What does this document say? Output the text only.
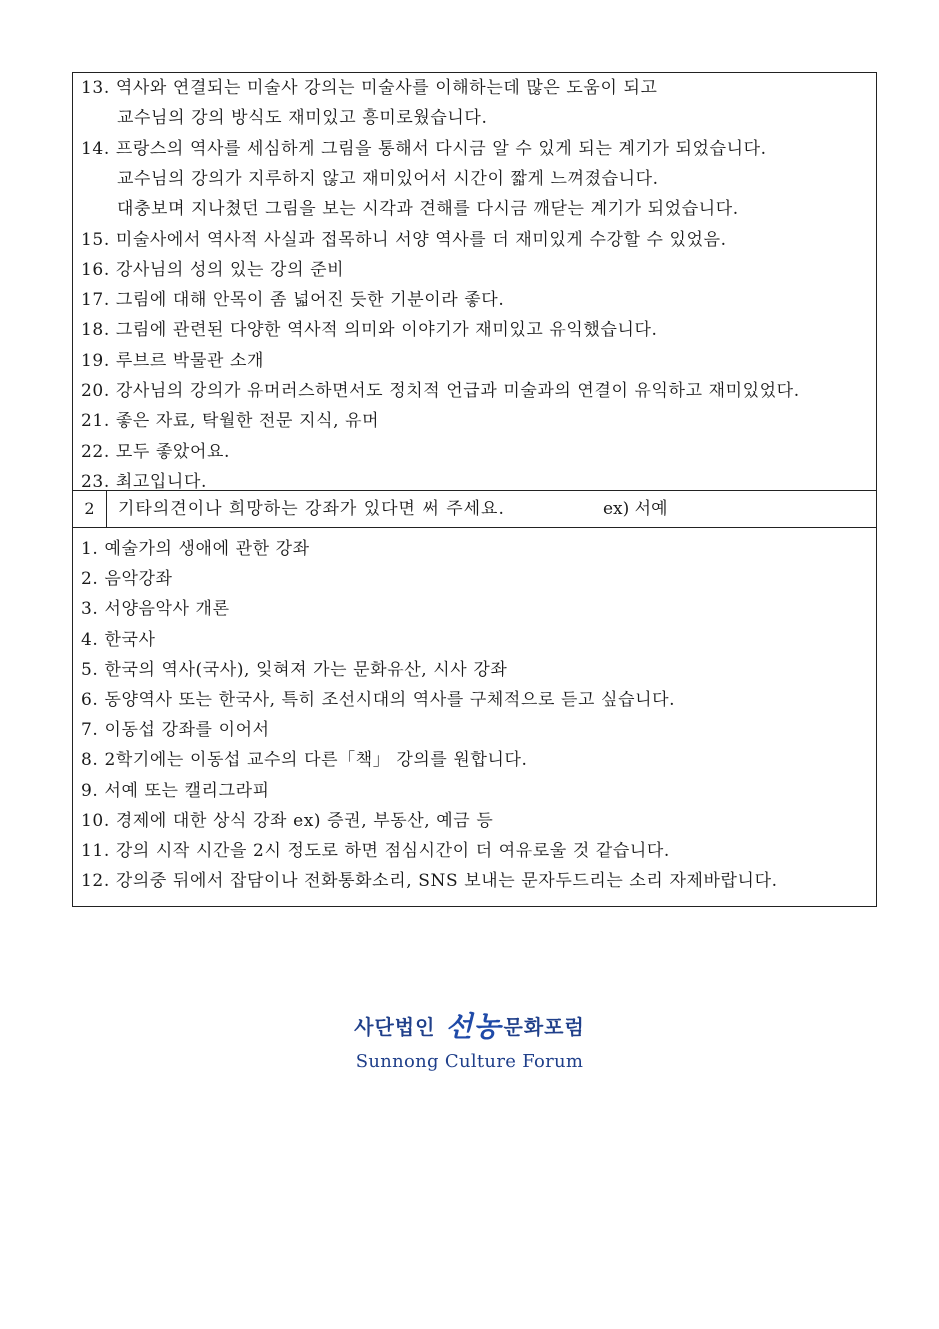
13. 역사와 연결되는 미술사 강의는 미술사를 이해하는데 많은 도움이 되고
교수님의 강의 방식도 재미있고 흥미로웠습니다.
14. 프랑스의 역사를 세심하게 그림을 통해서 다시금 알 수 있게 되는 계기가 되었습니다.
교수님의 강의가 지루하지 않고 재미있어서 시간이 짧게 느껴졌습니다.
대충보며 지나쳤던 그림을 보는 시각과 견해를 다시금 깨닫는 계기가 되었습니다.
15. 미술사에서 역사적 사실과 접목하니 서양 역사를 더 재미있게 수강할 수 있었음.
16. 강사님의 성의 있는 강의 준비
17. 그림에 대해 안목이 좀 넓어진 듯한 기분이라 좋다.
18. 그림에 관련된 다양한 역사적 의미와 이야기가 재미있고 유익했습니다.
19. 루브르 박물관 소개
20. 강사님의 강의가 유머러스하면서도 정치적 언급과 미술과의 연결이 유익하고 재미있었다.
21. 좋은 자료, 탁월한 전문 지식, 유머
22. 모두 좋았어요.
23. 최고입니다.
2	기타의견이나 희망하는 강좌가 있다면 써 주세요.	ex) 서예
1. 예술가의 생애에 관한 강좌
2. 음악강좌
3. 서양음악사 개론
4. 한국사
5. 한국의 역사(국사), 잊혀져 가는 문화유산, 시사 강좌
6. 동양역사 또는 한국사, 특히 조선시대의 역사를 구체적으로 듣고 싶습니다.
7. 이동섭 강좌를 이어서
8. 2학기에는 이동섭 교수의 다른「책」 강의를 원합니다.
9. 서예 또는 캘리그라피
10. 경제에 대한 상식 강좌 ex) 증권, 부동산, 예금 등
11. 강의 시작 시간을 2시 정도로 하면 점심시간이 더 여유로울 것 같습니다.
12. 강의중 뒤에서 잡담이나 전화통화소리, SNS 보내는 문자두드리는 소리 자제바랍니다.
사단법인 선농 문화포럼
Sunnong Culture Forum
